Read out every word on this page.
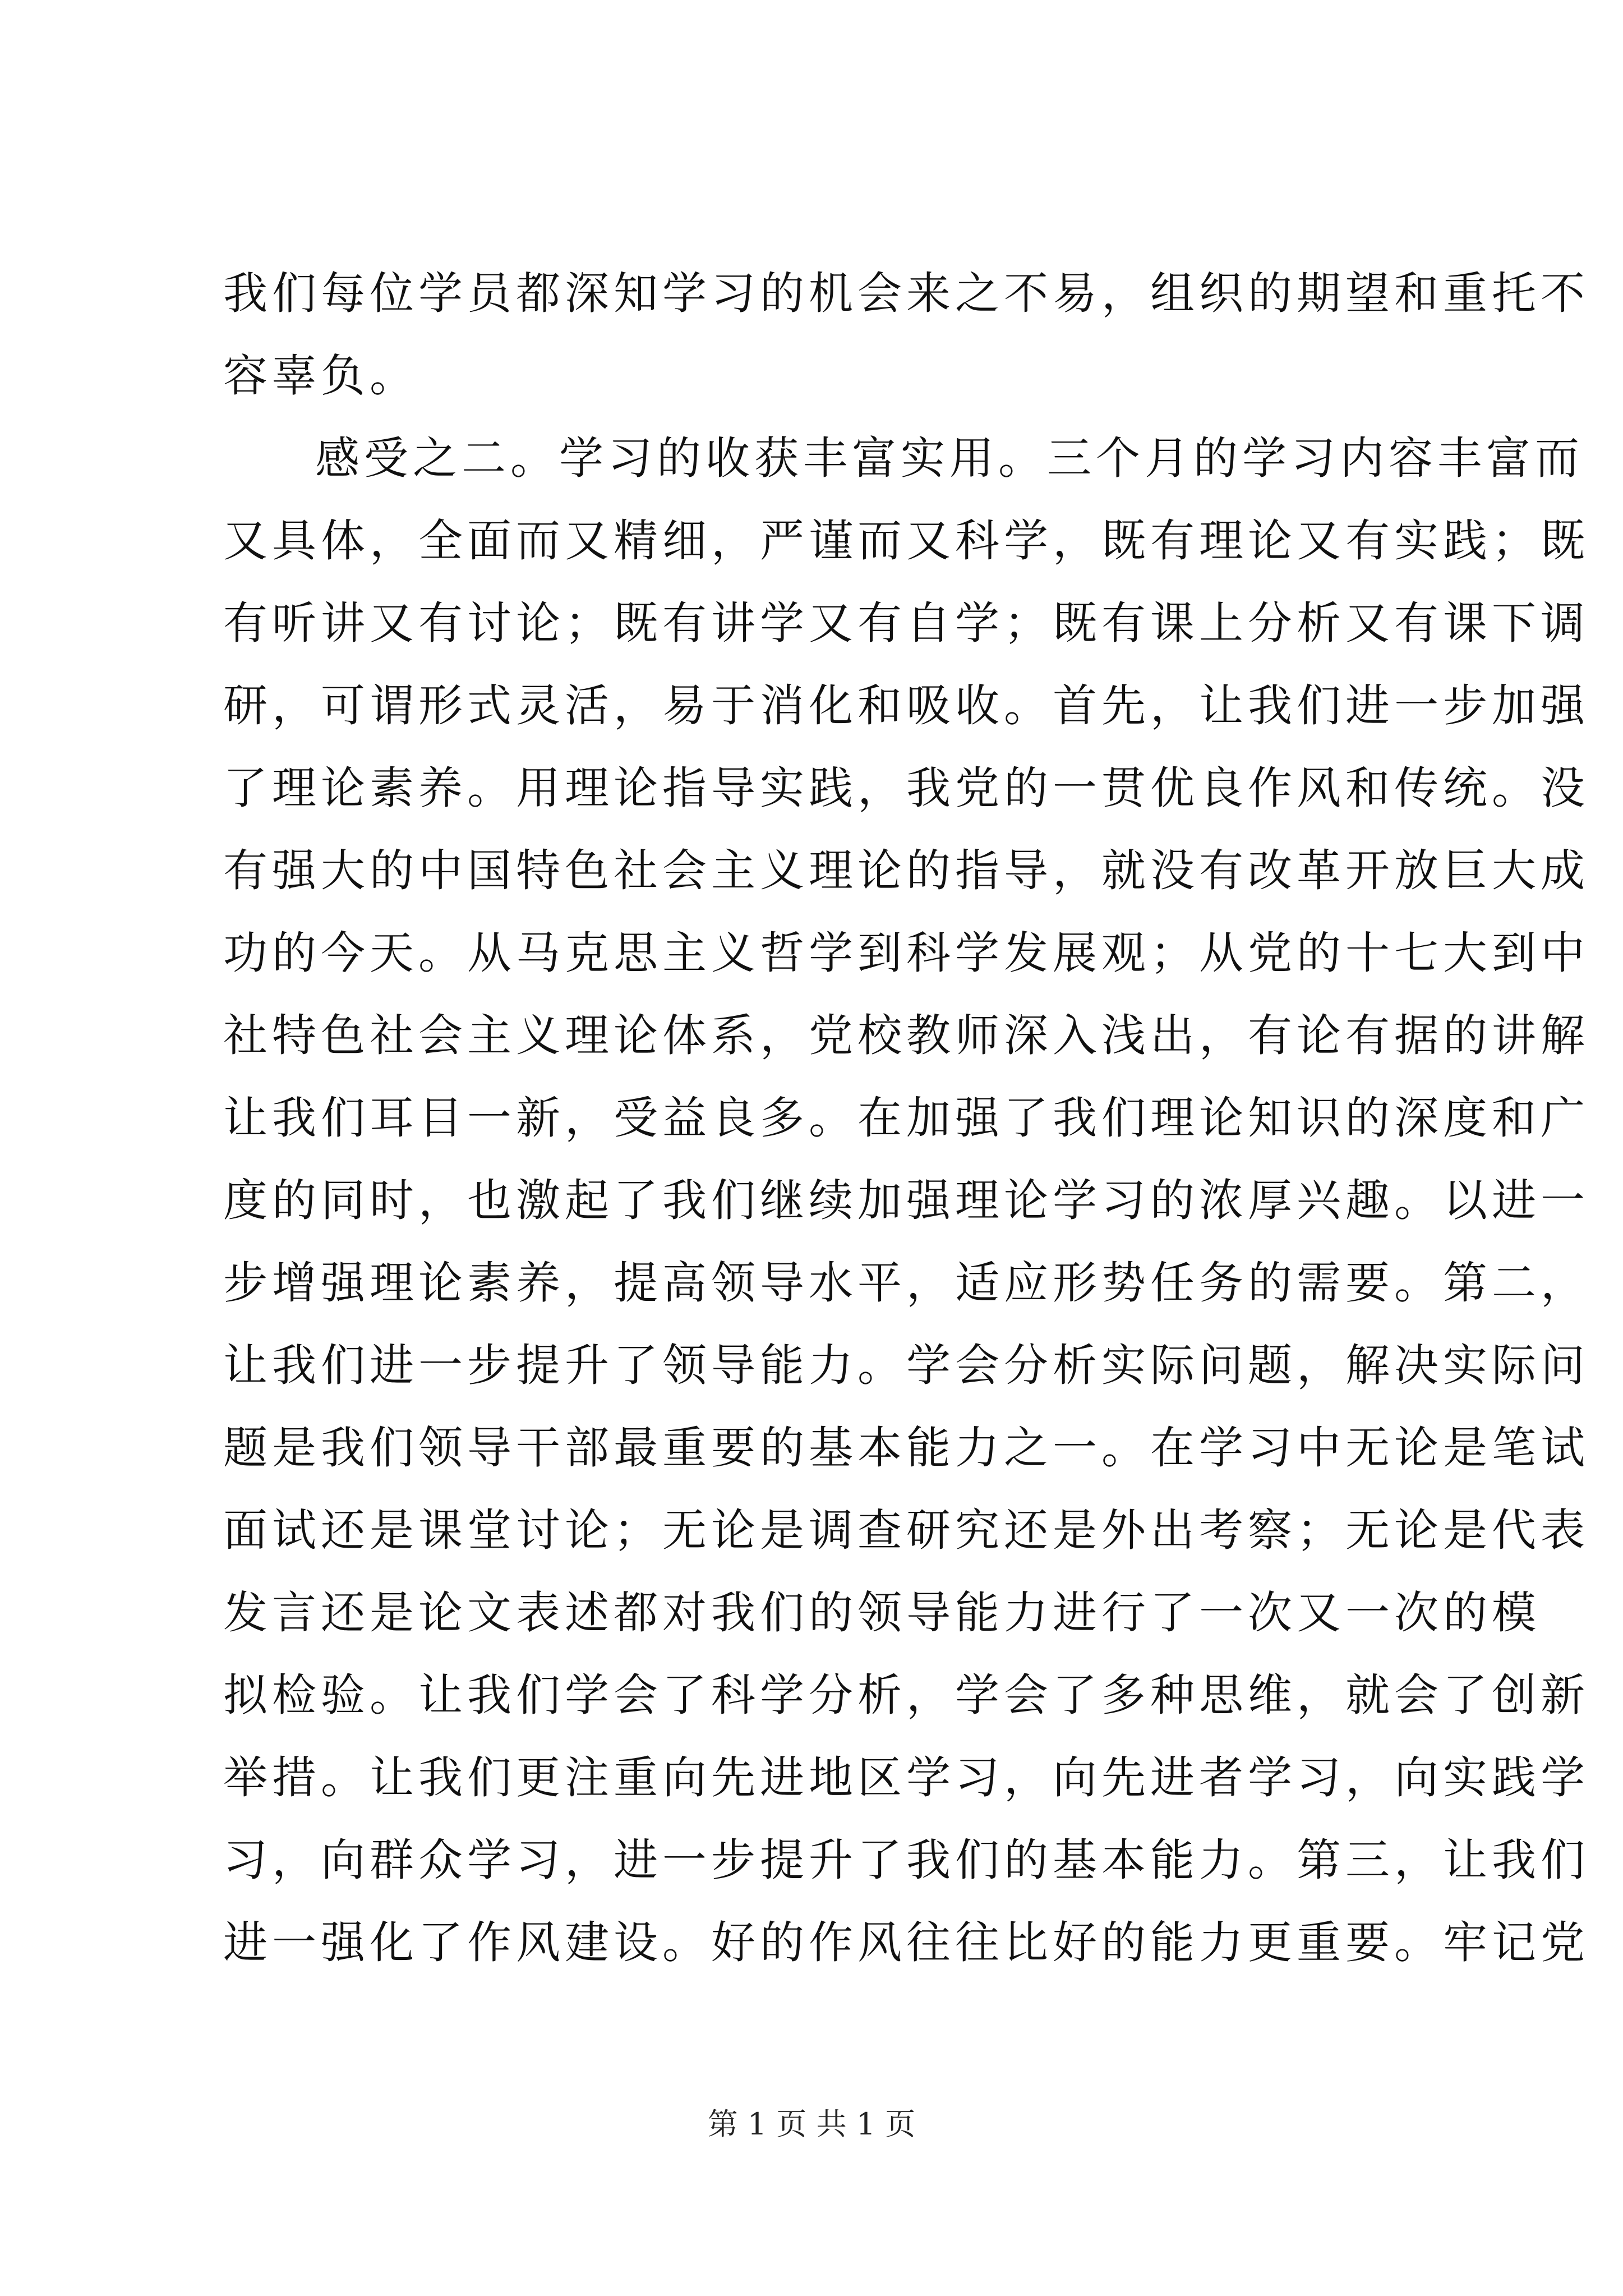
我们每位学员都深知学习的机会来之不易，组织的期望和重托不
容辜负。
感受之二。学习的收获丰富实用。三个月的学习内容丰富而
又具体，全面而又精细，严谨而又科学，既有理论又有实践；既
有听讲又有讨论；既有讲学又有自学；既有课上分析又有课下调
研，可谓形式灵活，易于消化和吸收。首先，让我们进一步加强
了理论素养。用理论指导实践，我党的一贯优良作风和传统。没
有强大的中国特色社会主义理论的指导，就没有改革开放巨大成
功的今天。从马克思主义哲学到科学发展观；从党的十七大到中
社特色社会主义理论体系，党校教师深入浅出，有论有据的讲解
让我们耳目一新，受益良多。在加强了我们理论知识的深度和广
度的同时，也激起了我们继续加强理论学习的浓厚兴趣。以进一
步增强理论素养，提高领导水平，适应形势任务的需要。第二，
让我们进一步提升了领导能力。学会分析实际问题，解决实际问
题是我们领导干部最重要的基本能力之一。在学习中无论是笔试
面试还是课堂讨论；无论是调查研究还是外出考察；无论是代表
发言还是论文表述都对我们的领导能力进行了一次又一次的模
拟检验。让我们学会了科学分析，学会了多种思维，就会了创新
举措。让我们更注重向先进地区学习，向先进者学习，向实践学
习，向群众学习，进一步提升了我们的基本能力。第三，让我们
进一强化了作风建设。好的作风往往比好的能力更重要。牢记党
第 1 页 共 1 页
